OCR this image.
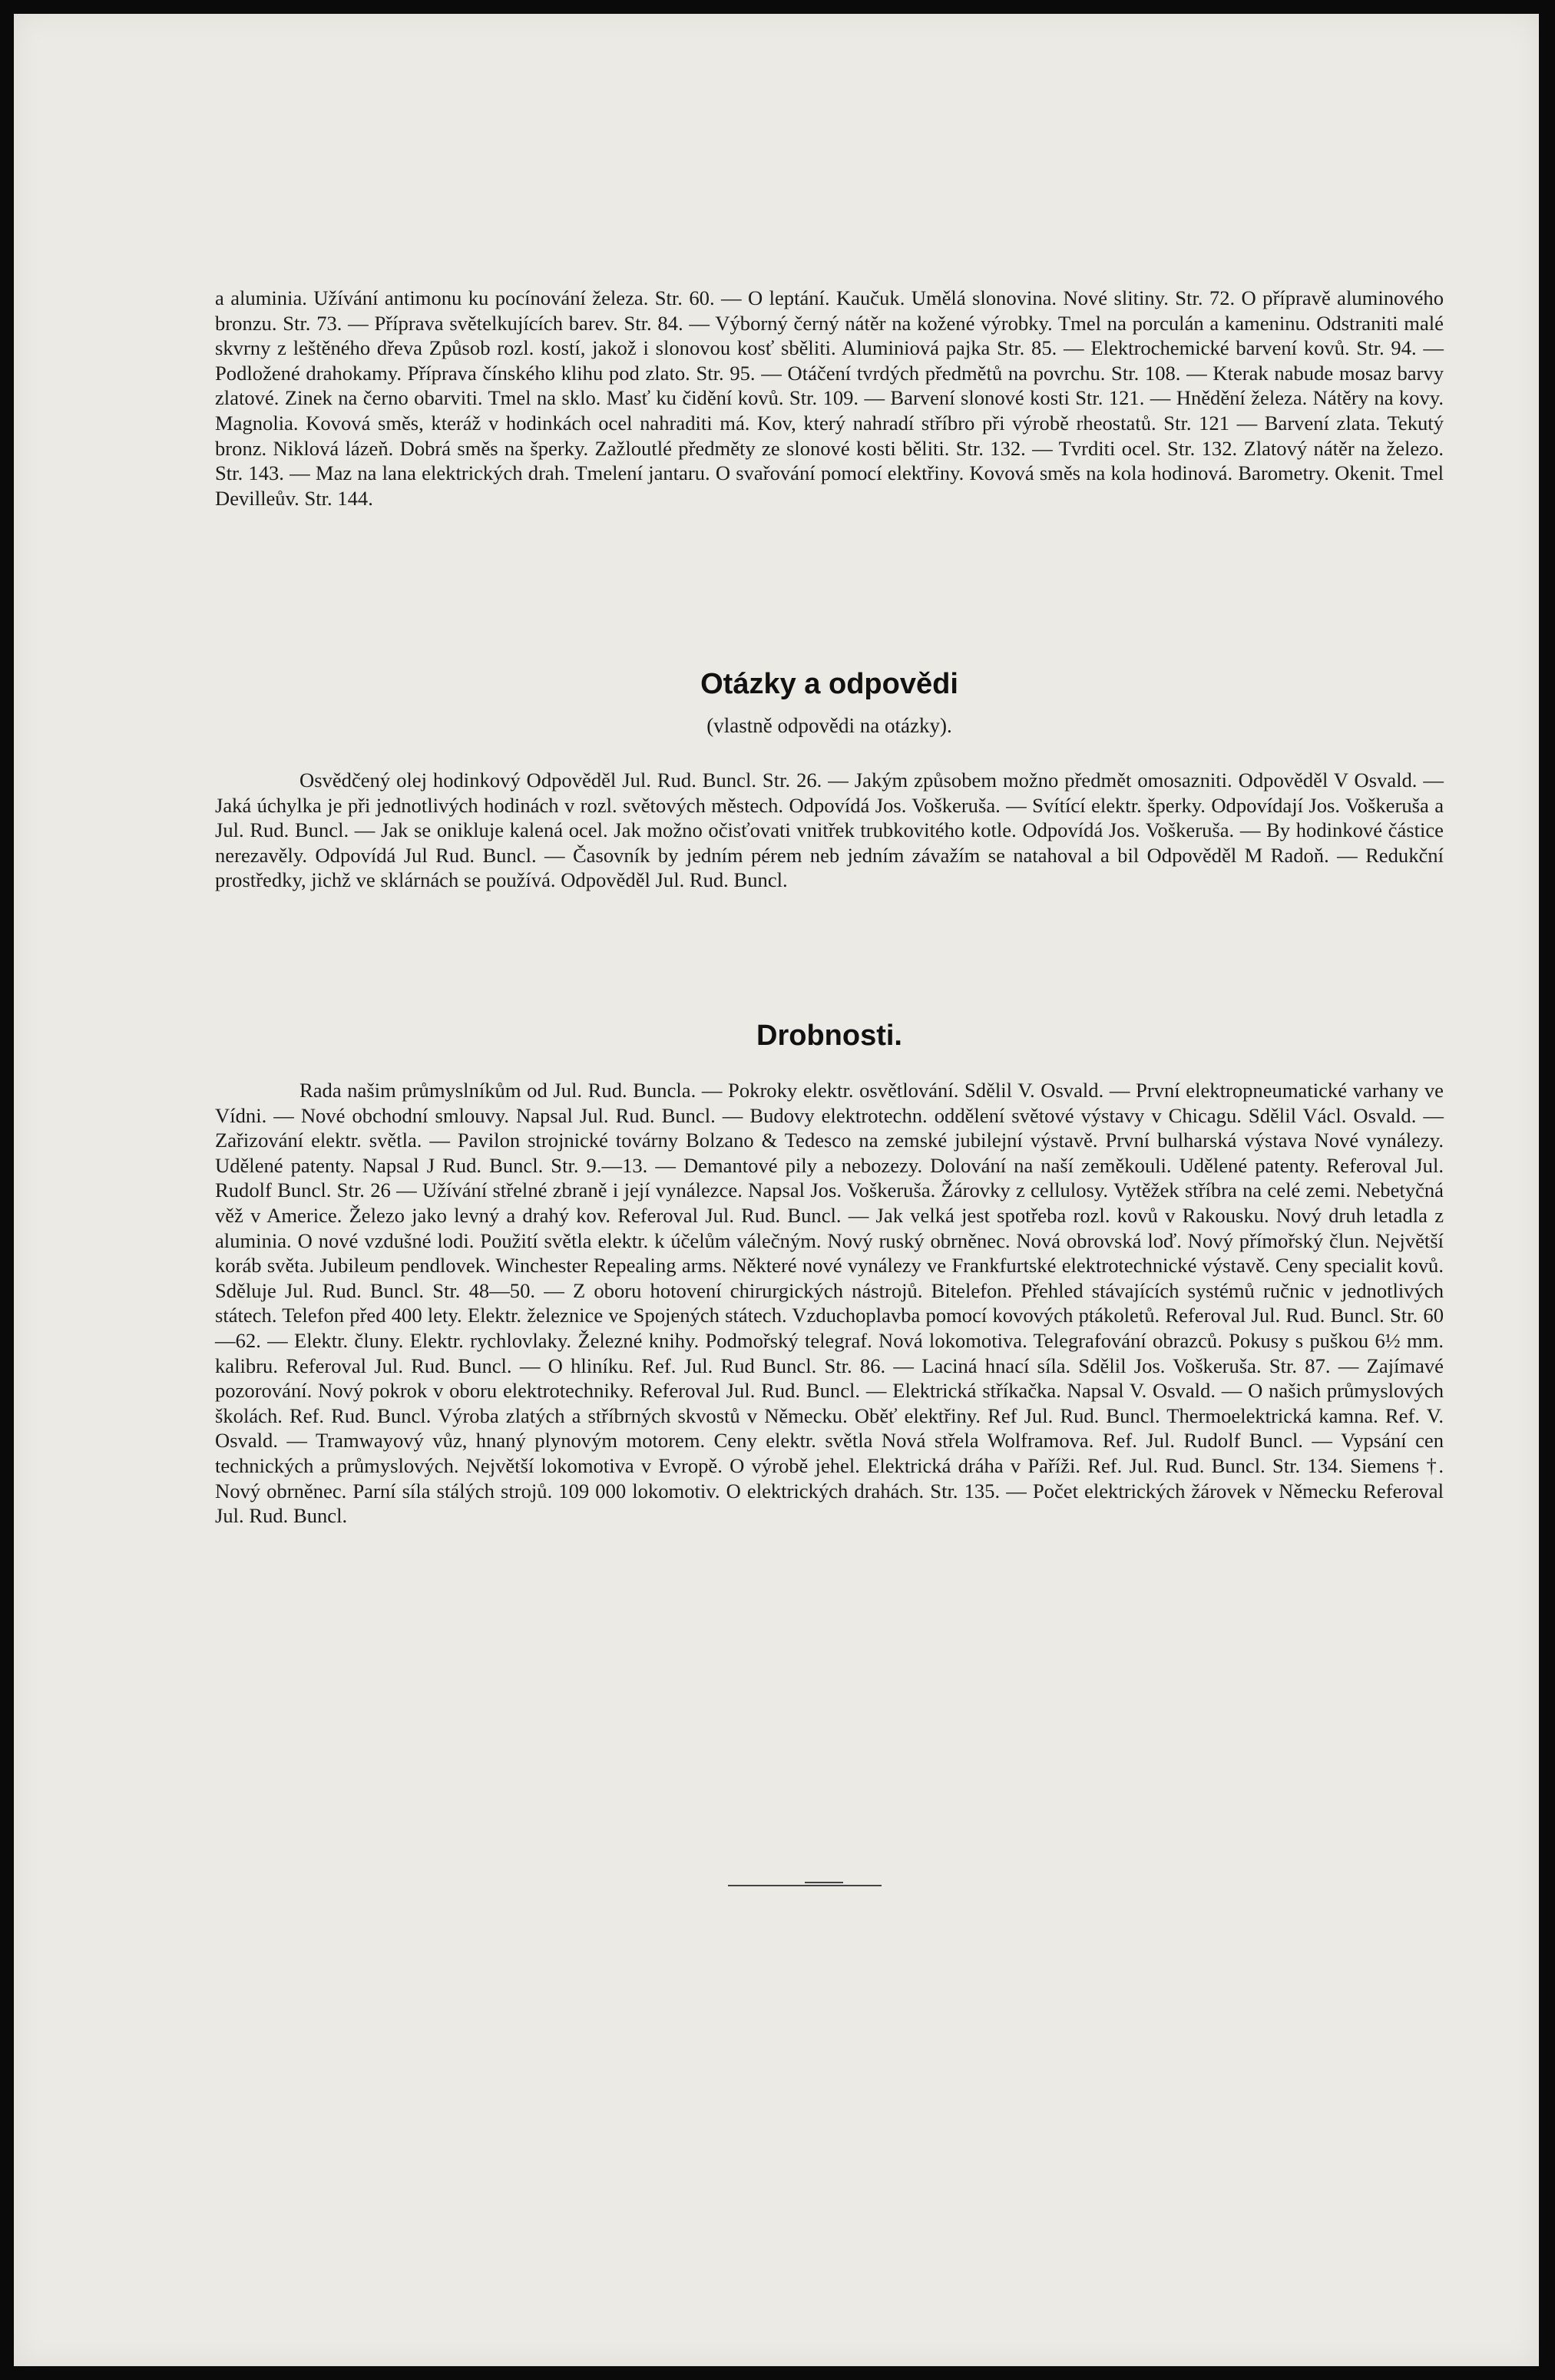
a aluminia. Užívání antimonu ku pocínování železa. Str. 60. — O leptání. Kaučuk. Umělá slonovina. Nové slitiny. Str. 72. O přípravě aluminového bronzu. Str. 73. — Příprava světelkujících barev. Str. 84. — Výborný černý nátěr na kožené výrobky. Tmel na porculán a kameninu. Odstraniti malé skvrny z leštěného dřeva Způsob rozl. kostí, jakož i slonovou kosť sběliti. Aluminiová pajka Str. 85. — Elektrochemické barvení kovů. Str. 94. — Podložené drahokamy. Příprava čínského klihu pod zlato. Str. 95. — Otáčení tvrdých předmětů na povrchu. Str. 108. — Kterak nabude mosaz barvy zlatové. Zinek na černo obarviti. Tmel na sklo. Masť ku čidění kovů. Str. 109. — Barvení slonové kosti Str. 121. — Hnědění železa. Nátěry na kovy. Magnolia. Kovová směs, kteráž v hodinkách ocel nahraditi má. Kov, který nahradí stříbro při výrobě rheostatů. Str. 121 — Barvení zlata. Tekutý bronz. Niklová lázeň. Dobrá směs na šperky. Zažloutlé předměty ze slonové kosti běliti. Str. 132. — Tvrditi ocel. Str. 132. Zlatový nátěr na železo. Str. 143. — Maz na lana elektrických drah. Tmelení jantaru. O svařování pomocí elektřiny. Kovová směs na kola hodinová. Barometry. Okenit. Tmel Devilleův. Str. 144.

Otázky a odpovědi
(vlastně odpovědi na otázky).

Osvědčený olej hodinkový Odpověděl Jul. Rud. Buncl. Str. 26. — Jakým způsobem možno předmět omosazniti. Odpověděl V Osvald. — Jaká úchylka je při jednotlivých hodinách v rozl. světových městech. Odpovídá Jos. Voškeruša. — Svítící elektr. šperky. Odpovídají Jos. Voškeruša a Jul. Rud. Buncl. — Jak se onikluje kalená ocel. Jak možno očisťovati vnitřek trubkovitého kotle. Odpovídá Jos. Voškeruša. — By hodinkové částice nerezavěly. Odpovídá Jul Rud. Buncl. — Časovník by jedním pérem neb jedním závažím se natahoval a bil Odpověděl M Radoň. — Redukční prostředky, jichž ve sklárnách se používá. Odpověděl Jul. Rud. Buncl.

Drobnosti.

Rada našim průmyslníkům od Jul. Rud. Buncla. — Pokroky elektr. osvětlování. Sdělil V. Osvald. — První elektropneumatické varhany ve Vídni. — Nové obchodní smlouvy. Napsal Jul. Rud. Buncl. — Budovy elektrotechn. oddělení světové výstavy v Chicagu. Sdělil Václ. Osvald. — Zařizování elektr. světla. — Pavilon strojnické továrny Bolzano & Tedesco na zemské jubilejní výstavě. První bulharská výstava Nové vynálezy. Udělené patenty. Napsal J Rud. Buncl. Str. 9.—13. — Demantové pily a nebozezy. Dolování na naší zeměkouli. Udělené patenty. Referoval Jul. Rudolf Buncl. Str. 26 — Užívání střelné zbraně i její vynálezce. Napsal Jos. Voškeruša. Žárovky z cellulosy. Vytěžek stříbra na celé zemi. Nebetyčná věž v Americe. Železo jako levný a drahý kov. Referoval Jul. Rud. Buncl. — Jak velká jest spotřeba rozl. kovů v Rakousku. Nový druh letadla z aluminia. O nové vzdušné lodi. Použití světla elektr. k účelům válečným. Nový ruský obrněnec. Nová obrovská loď. Nový přímořský člun. Největší koráb světa. Jubileum pendlovek. Winchester Repealing arms. Některé nové vynálezy ve Frankfurtské elektrotechnické výstavě. Ceny specialit kovů. Sděluje Jul. Rud. Buncl. Str. 48—50. — Z oboru hotovení chirurgických nástrojů. Bitelefon. Přehled stávajících systémů ručnic v jednotlivých státech. Telefon před 400 lety. Elektr. železnice ve Spojených státech. Vzduchoplavba pomocí kovových ptákoletů. Referoval Jul. Rud. Buncl. Str. 60—62. — Elektr. čluny. Elektr. rychlovlaky. Železné knihy. Podmořský telegraf. Nová lokomotiva. Telegrafování obrazců. Pokusy s puškou 6½ mm. kalibru. Referoval Jul. Rud. Buncl. — O hliníku. Ref. Jul. Rud Buncl. Str. 86. — Laciná hnací síla. Sdělil Jos. Voškeruša. Str. 87. — Zajímavé pozorování. Nový pokrok v oboru elektrotechniky. Referoval Jul. Rud. Buncl. — Elektrická stříkačka. Napsal V. Osvald. — O našich průmyslových školách. Ref. Rud. Buncl. Výroba zlatých a stříbrných skvostů v Německu. Oběť elektřiny. Ref Jul. Rud. Buncl. Thermoelektrická kamna. Ref. V. Osvald. — Tramwayový vůz, hnaný plynovým motorem. Ceny elektr. světla Nová střela Wolframova. Ref. Jul. Rudolf Buncl. — Vypsání cen technických a průmyslových. Největší lokomotiva v Evropě. O výrobě jehel. Elektrická dráha v Paříži. Ref. Jul. Rud. Buncl. Str. 134. Siemens †. Nový obrněnec. Parní síla stálých strojů. 109 000 lokomotiv. O elektrických drahách. Str. 135. — Počet elektrických žárovek v Německu Referoval Jul. Rud. Buncl.
